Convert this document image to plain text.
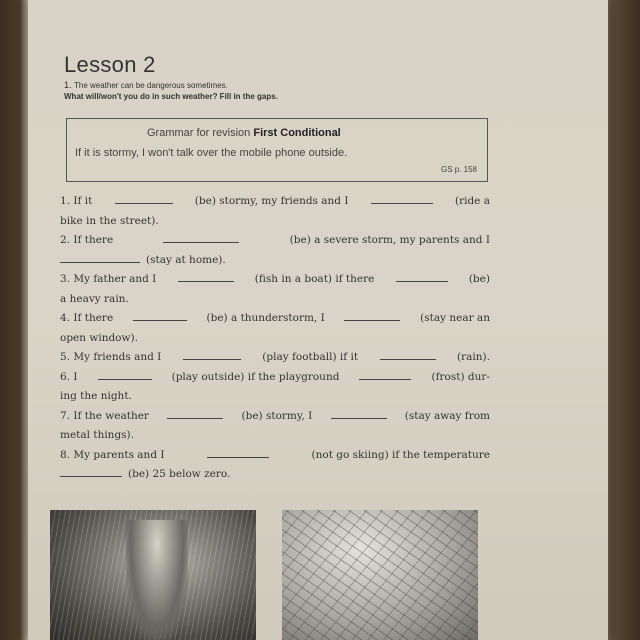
Lesson 2
1. The weather can be dangerous sometimes.
What will/won't you do in such weather? Fill in the gaps.
Grammar for revision First Conditional
If it is stormy, I won't talk over the mobile phone outside.
GS p. 158
1. If it	(be) stormy, my friends and I	(ride a
bike in the street).
2. If there	(be) a severe storm, my parents and I
(stay at home).
3. My father and I	(fish in a boat) if there	(be)
a heavy rain.
4. If there	(be) a thunderstorm, I	(stay near an
open window).
5. My friends and I	(play football) if it	(rain).
6. I	(play outside) if the playground	(frost) dur-
ing the night.
7. If the weather	(be) stormy, I	(stay away from
metal things).
8. My parents and I	(not go skiing) if the temperature
(be) 25 below zero.
